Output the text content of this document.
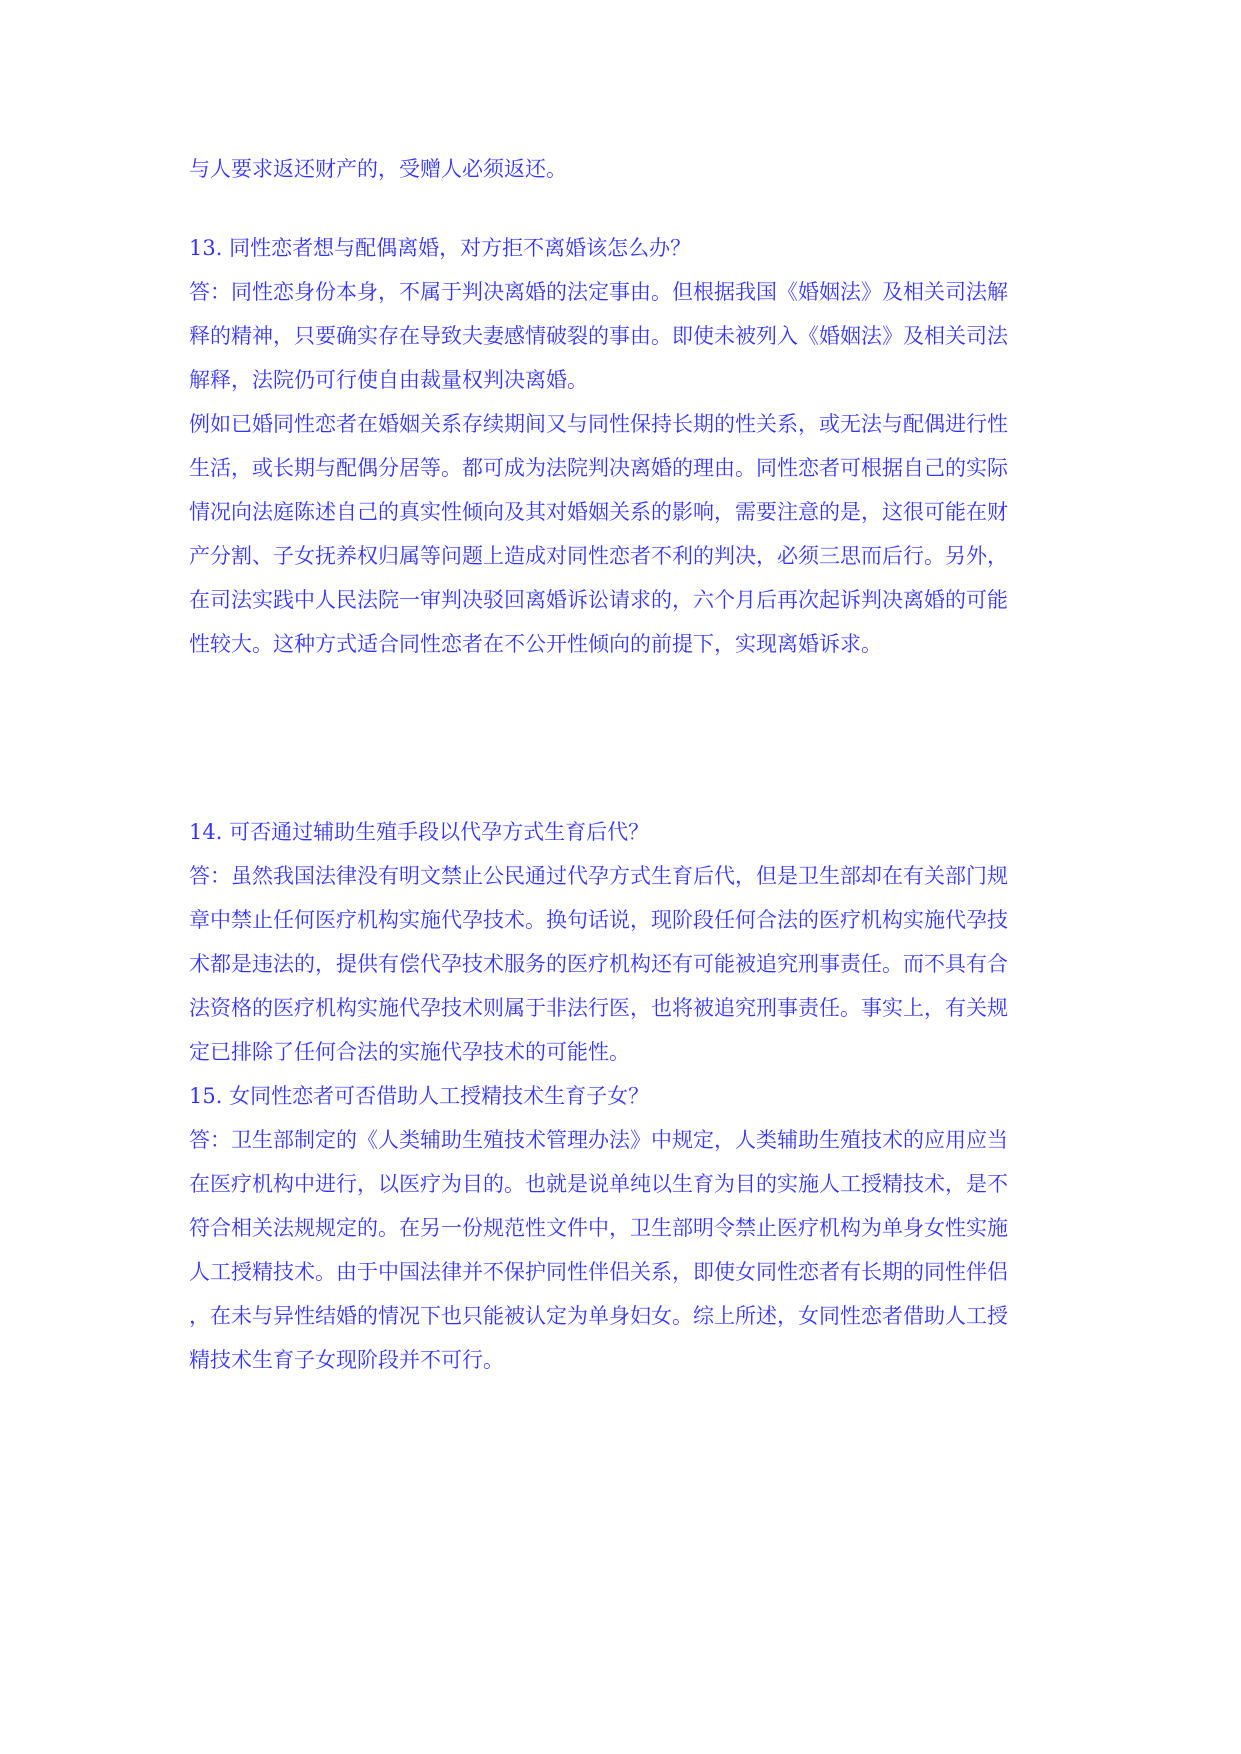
与人要求返还财产的，受赠人必须返还。
13. 同性恋者想与配偶离婚，对方拒不离婚该怎么办？
答：同性恋身份本身，不属于判决离婚的法定事由。但根据我国《婚姻法》及相关司法解
释的精神，只要确实存在导致夫妻感情破裂的事由。即使未被列入《婚姻法》及相关司法
解释，法院仍可行使自由裁量权判决离婚。
例如已婚同性恋者在婚姻关系存续期间又与同性保持长期的性关系，或无法与配偶进行性
生活，或长期与配偶分居等。都可成为法院判决离婚的理由。同性恋者可根据自己的实际
情况向法庭陈述自己的真实性倾向及其对婚姻关系的影响，需要注意的是，这很可能在财
产分割、子女抚养权归属等问题上造成对同性恋者不利的判决，必须三思而后行。另外，
在司法实践中人民法院一审判决驳回离婚诉讼请求的，六个月后再次起诉判决离婚的可能
性较大。这种方式适合同性恋者在不公开性倾向的前提下，实现离婚诉求。
14. 可否通过辅助生殖手段以代孕方式生育后代？
答：虽然我国法律没有明文禁止公民通过代孕方式生育后代，但是卫生部却在有关部门规
章中禁止任何医疗机构实施代孕技术。换句话说，现阶段任何合法的医疗机构实施代孕技
术都是违法的，提供有偿代孕技术服务的医疗机构还有可能被追究刑事责任。而不具有合
法资格的医疗机构实施代孕技术则属于非法行医，也将被追究刑事责任。事实上，有关规
定已排除了任何合法的实施代孕技术的可能性。
15. 女同性恋者可否借助人工授精技术生育子女？
答：卫生部制定的《人类辅助生殖技术管理办法》中规定，人类辅助生殖技术的应用应当
在医疗机构中进行，以医疗为目的。也就是说单纯以生育为目的实施人工授精技术，是不
符合相关法规规定的。在另一份规范性文件中，卫生部明令禁止医疗机构为单身女性实施
人工授精技术。由于中国法律并不保护同性伴侣关系，即使女同性恋者有长期的同性伴侣
，在未与异性结婚的情况下也只能被认定为单身妇女。综上所述，女同性恋者借助人工授
精技术生育子女现阶段并不可行。
